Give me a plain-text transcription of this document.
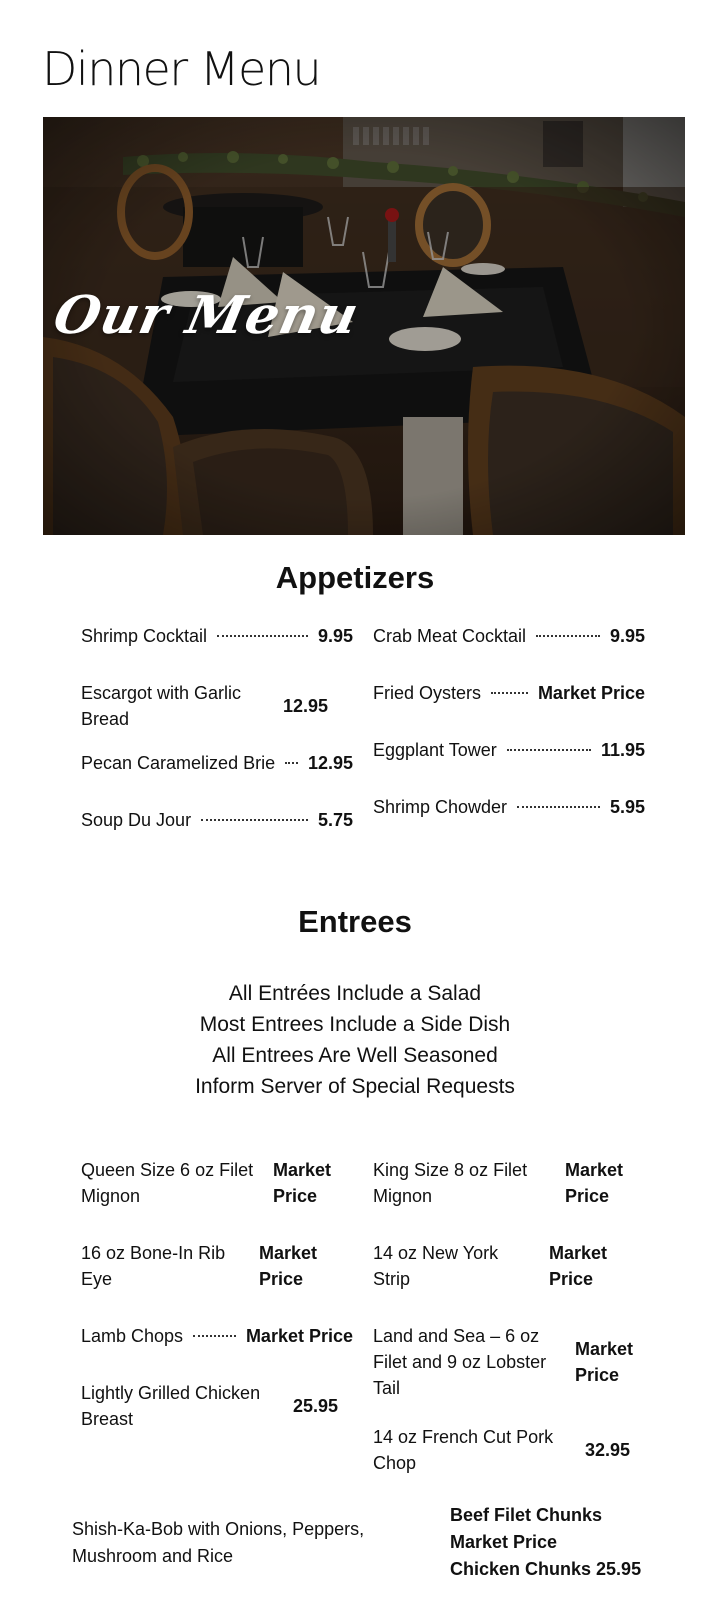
Dinner Menu
Our Menu
Appetizers
Shrimp Cocktail	9.95
Escargot with Garlic Bread
12.95
Pecan Caramelized Brie 12.95
Soup Du Jour	5.75
Crab Meat Cocktail	9.95
Fried Oysters	Market Price
Eggplant Tower	11.95
Shrimp Chowder	5.95
Entrees
All Entrées Include a Salad
Most Entrees Include a Side Dish
All Entrees Are Well Seasoned
Inform Server of Special Requests
Queen Size 6 oz Filet Mignon
Market Price
16 oz Bone-In Rib Eye
Market Price
Lamb Chops	Market Price
Lightly Grilled Chicken Breast
25.95
King Size 8 oz Filet Mignon
Market Price
14 oz New York Strip
Market Price
Land and Sea – 6 oz Filet and 9 oz Lobster Tail
Market Price
14 oz French Cut Pork Chop
32.95
Shish-Ka-Bob with Onions, Peppers, Mushroom and Rice
Beef Filet Chunks
Market Price
Chicken Chunks 25.95
